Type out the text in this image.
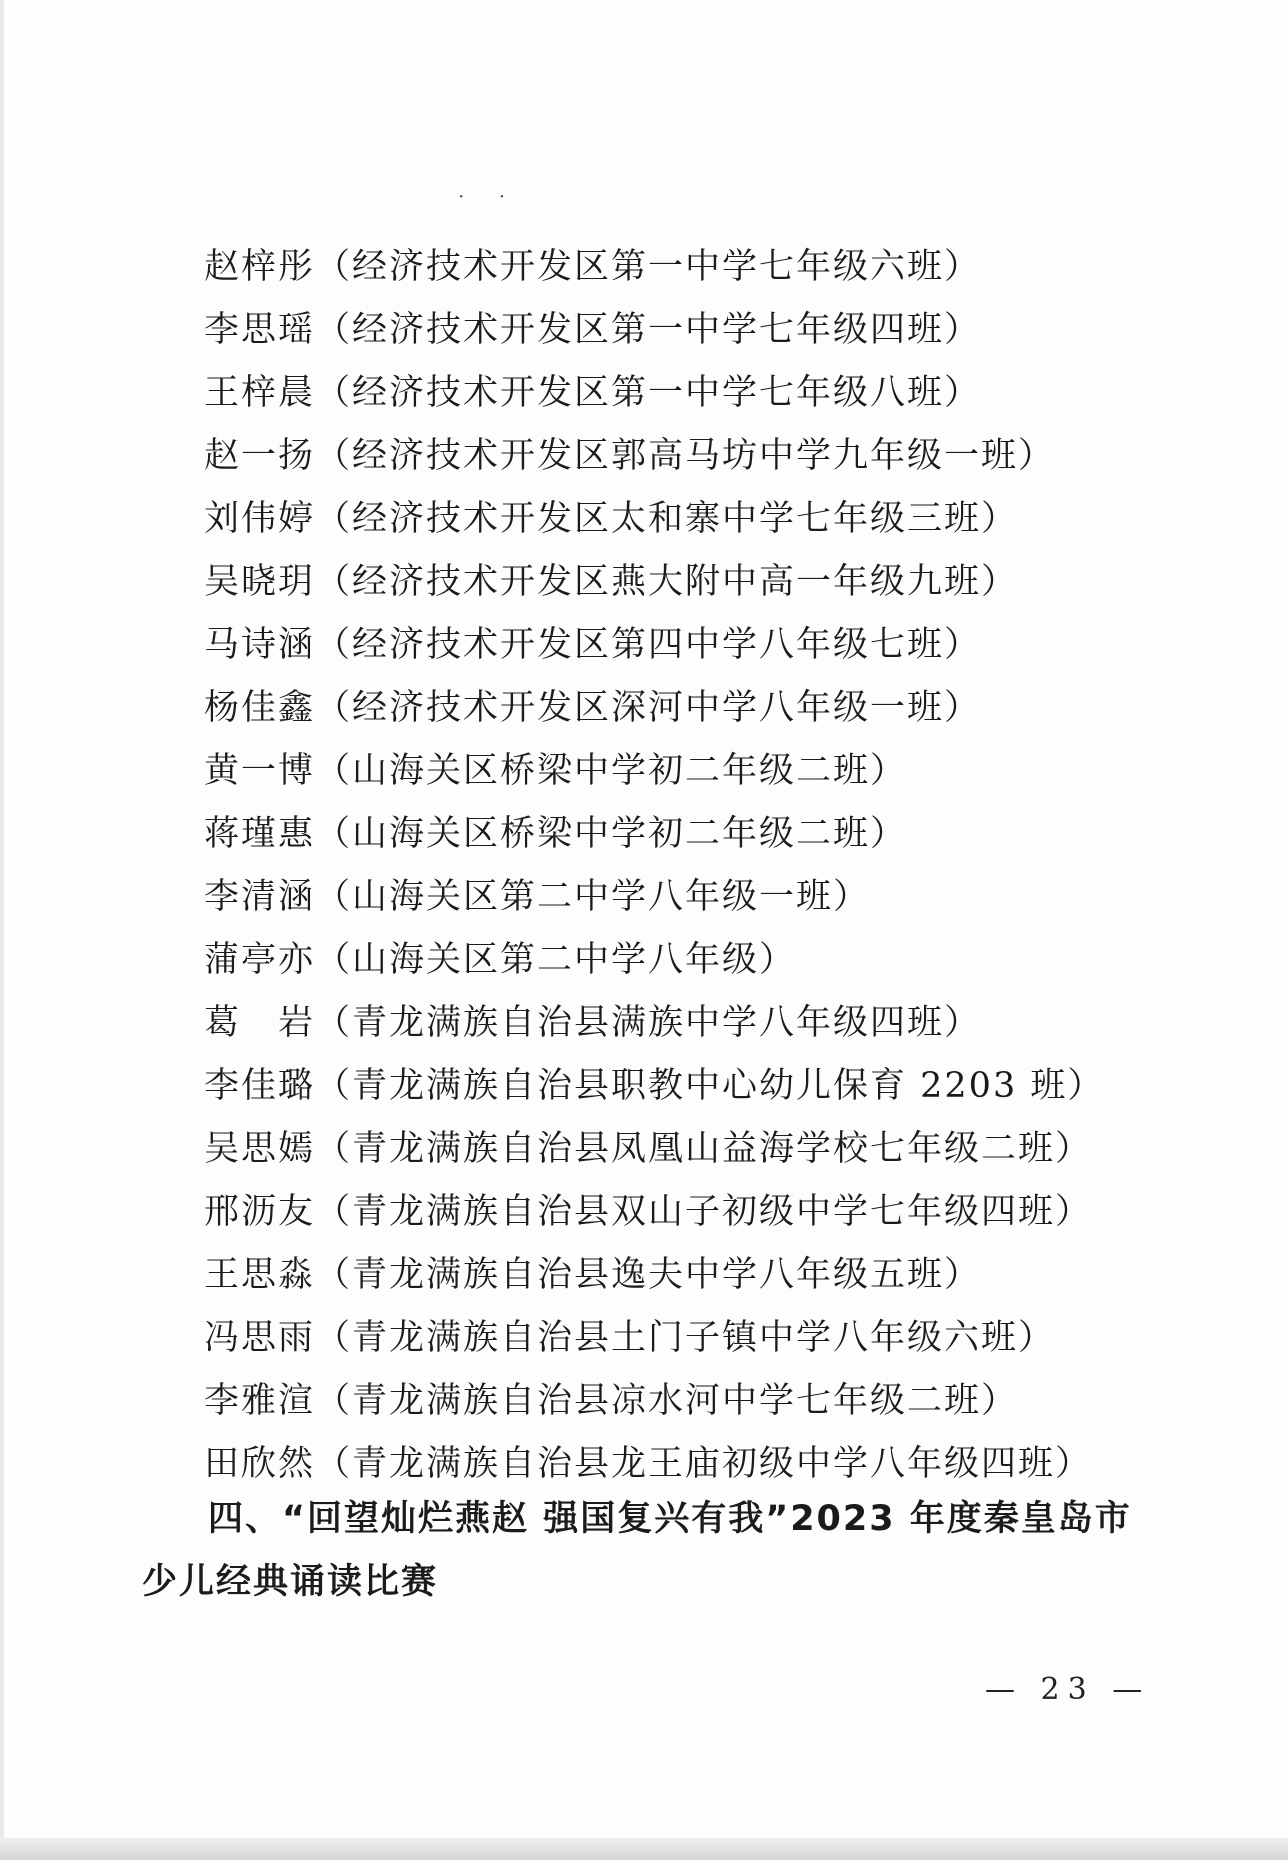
· ·
赵梓彤（经济技术开发区第一中学七年级六班）
李思瑶（经济技术开发区第一中学七年级四班）
王梓晨（经济技术开发区第一中学七年级八班）
赵一扬（经济技术开发区郭高马坊中学九年级一班）
刘伟婷（经济技术开发区太和寨中学七年级三班）
吴晓玥（经济技术开发区燕大附中高一年级九班）
马诗涵（经济技术开发区第四中学八年级七班）
杨佳鑫（经济技术开发区深河中学八年级一班）
黄一博（山海关区桥梁中学初二年级二班）
蒋瑾惠（山海关区桥梁中学初二年级二班）
李清涵（山海关区第二中学八年级一班）
蒲亭亦（山海关区第二中学八年级）
葛　岩（青龙满族自治县满族中学八年级四班）
李佳璐（青龙满族自治县职教中心幼儿保育 2203 班）
吴思嫣（青龙满族自治县凤凰山益海学校七年级二班）
邢沥友（青龙满族自治县双山子初级中学七年级四班）
王思淼（青龙满族自治县逸夫中学八年级五班）
冯思雨（青龙满族自治县土门子镇中学八年级六班）
李雅渲（青龙满族自治县凉水河中学七年级二班）
田欣然（青龙满族自治县龙王庙初级中学八年级四班）

四、“回望灿烂燕赵 强国复兴有我”2023 年度秦皇岛市少儿经典诵读比赛

— 23 —
